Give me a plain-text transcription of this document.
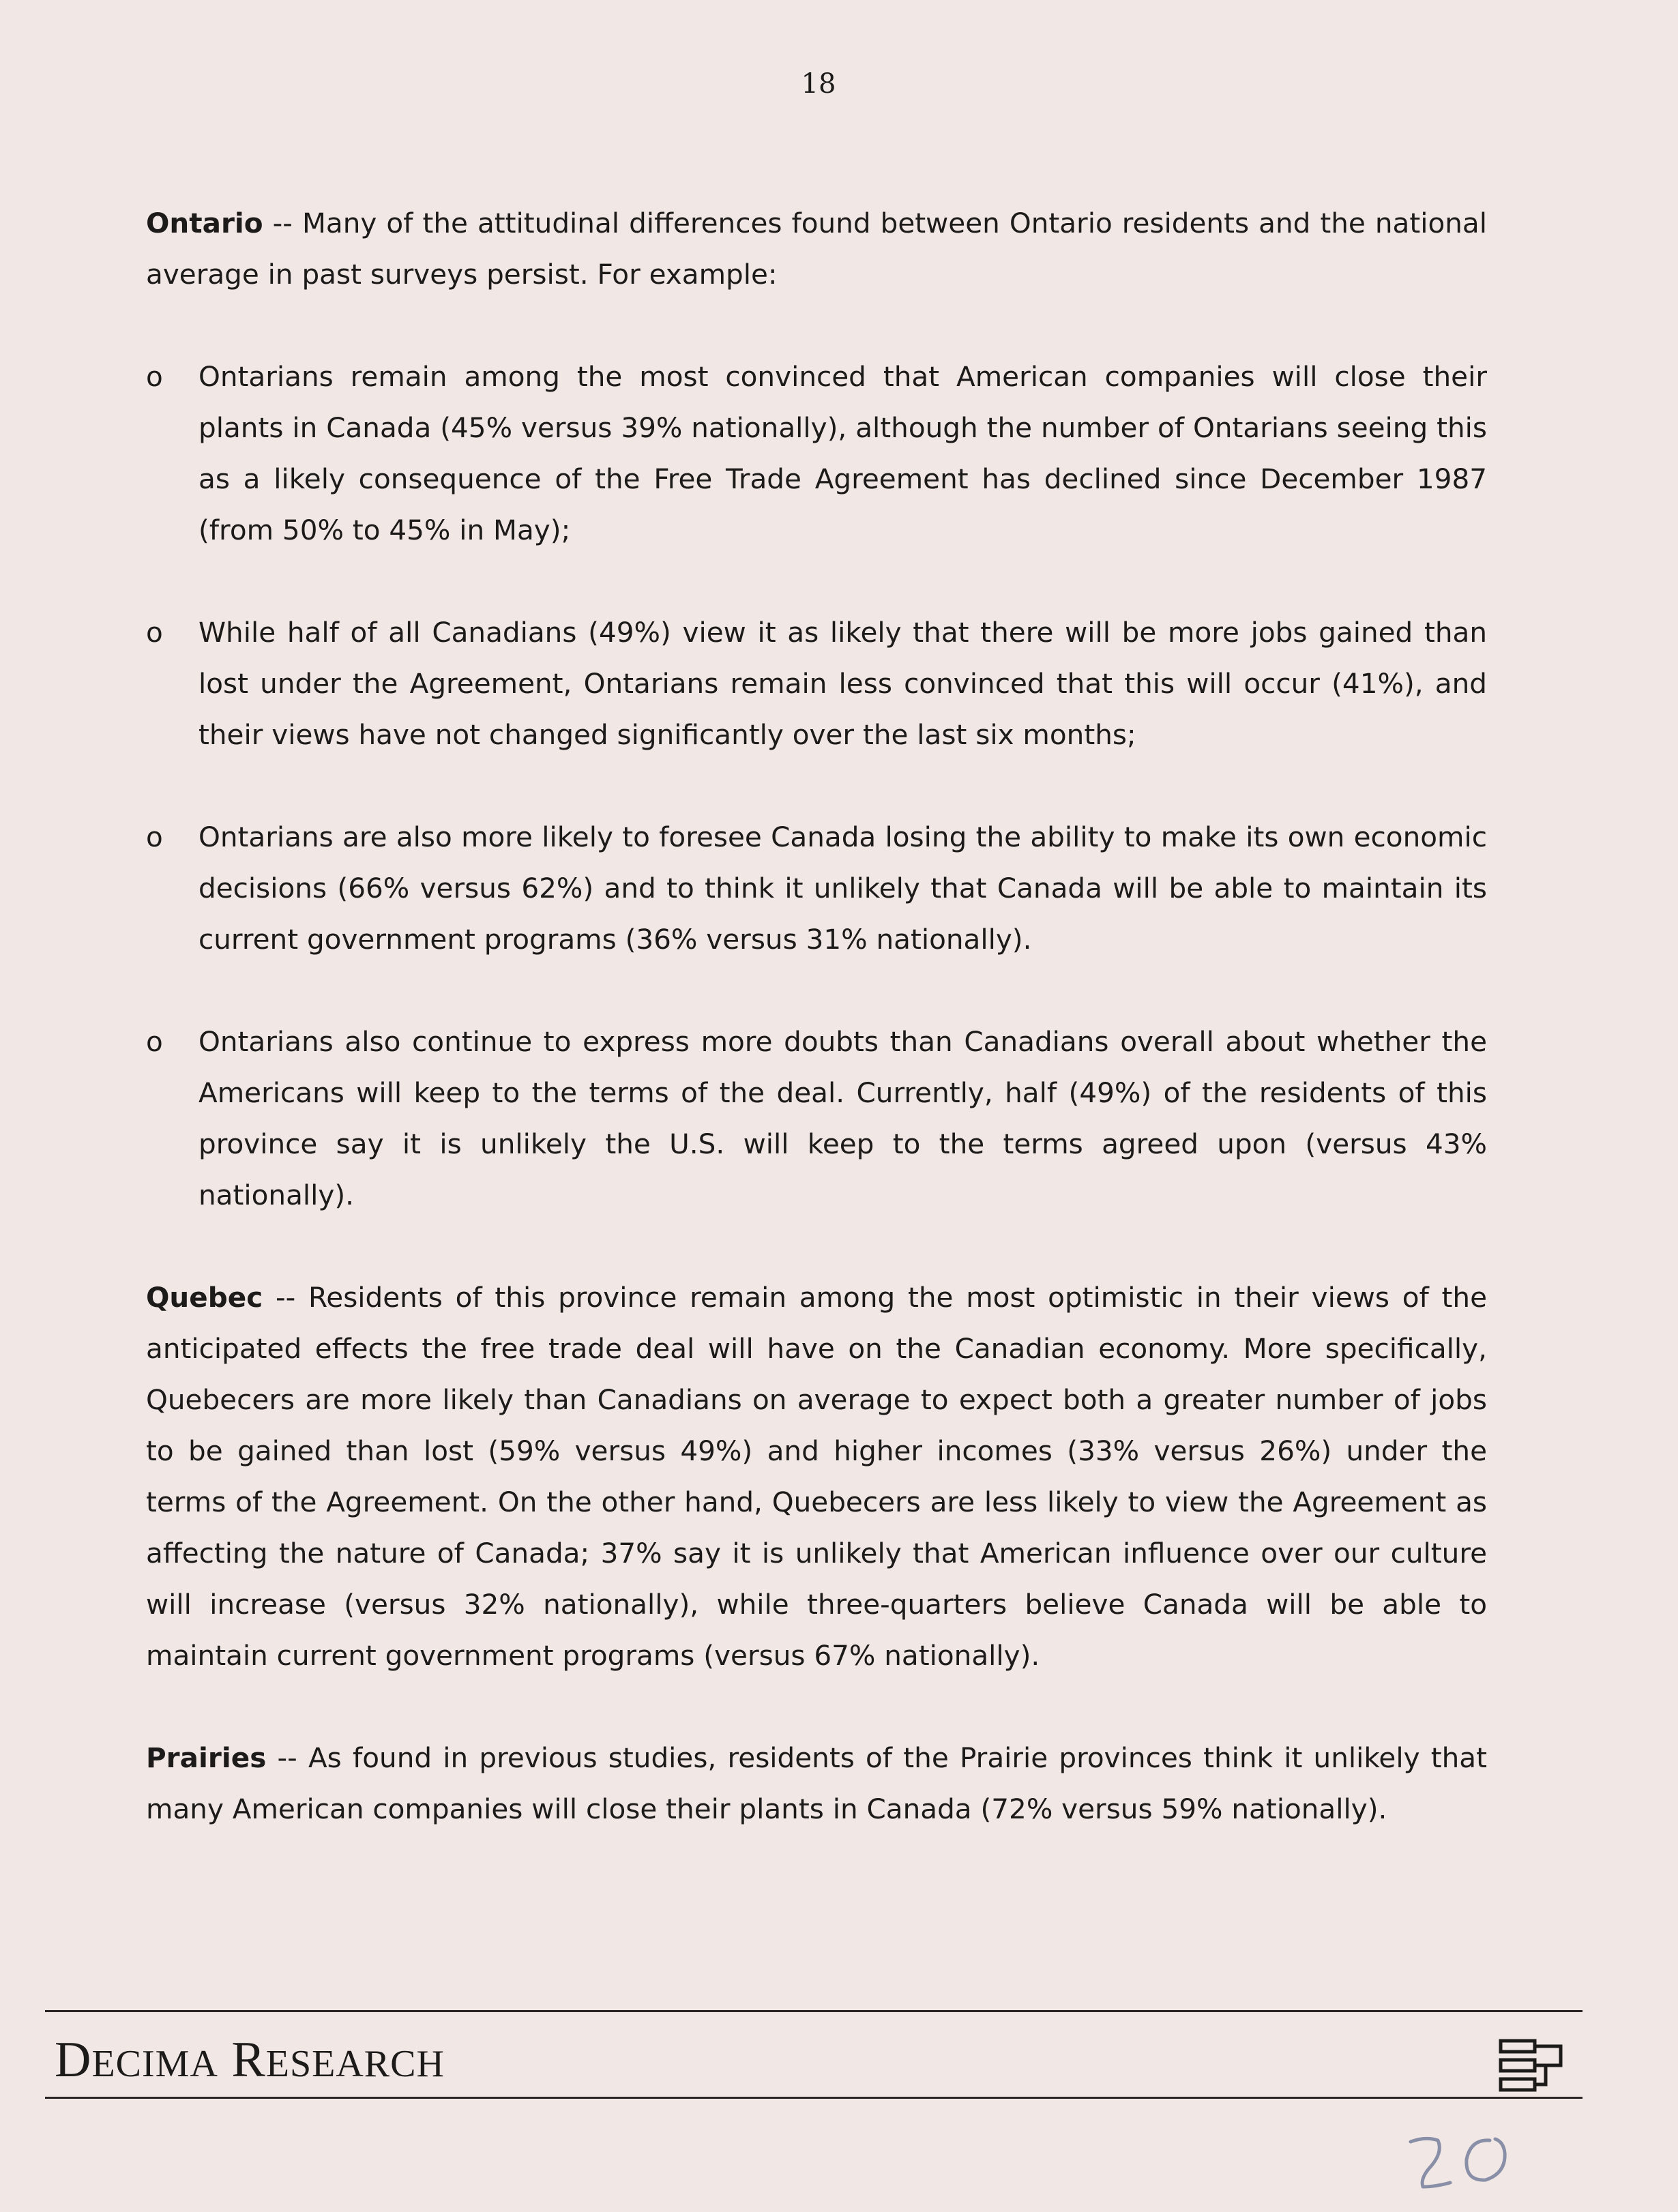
18

Ontario -- Many of the attitudinal differences found between Ontario residents and the national average in past surveys persist. For example:

o Ontarians remain among the most convinced that American companies will close their plants in Canada (45% versus 39% nationally), although the number of Ontarians seeing this as a likely consequence of the Free Trade Agreement has declined since December 1987 (from 50% to 45% in May);
o While half of all Canadians (49%) view it as likely that there will be more jobs gained than lost under the Agreement, Ontarians remain less convinced that this will occur (41%), and their views have not changed significantly over the last six months;
o Ontarians are also more likely to foresee Canada losing the ability to make its own economic decisions (66% versus 62%) and to think it unlikely that Canada will be able to maintain its current government programs (36% versus 31% nationally).
o Ontarians also continue to express more doubts than Canadians overall about whether the Americans will keep to the terms of the deal. Currently, half (49%) of the residents of this province say it is unlikely the U.S. will keep to the terms agreed upon (versus 43% nationally).

Quebec -- Residents of this province remain among the most optimistic in their views of the anticipated effects the free trade deal will have on the Canadian economy. More specifically, Quebecers are more likely than Canadians on average to expect both a greater number of jobs to be gained than lost (59% versus 49%) and higher incomes (33% versus 26%) under the terms of the Agreement. On the other hand, Quebecers are less likely to view the Agreement as affecting the nature of Canada; 37% say it is unlikely that American influence over our culture will increase (versus 32% nationally), while three-quarters believe Canada will be able to maintain current government programs (versus 67% nationally).

Prairies -- As found in previous studies, residents of the Prairie provinces think it unlikely that many American companies will close their plants in Canada (72% versus 59% nationally).

DECIMA RESEARCH
